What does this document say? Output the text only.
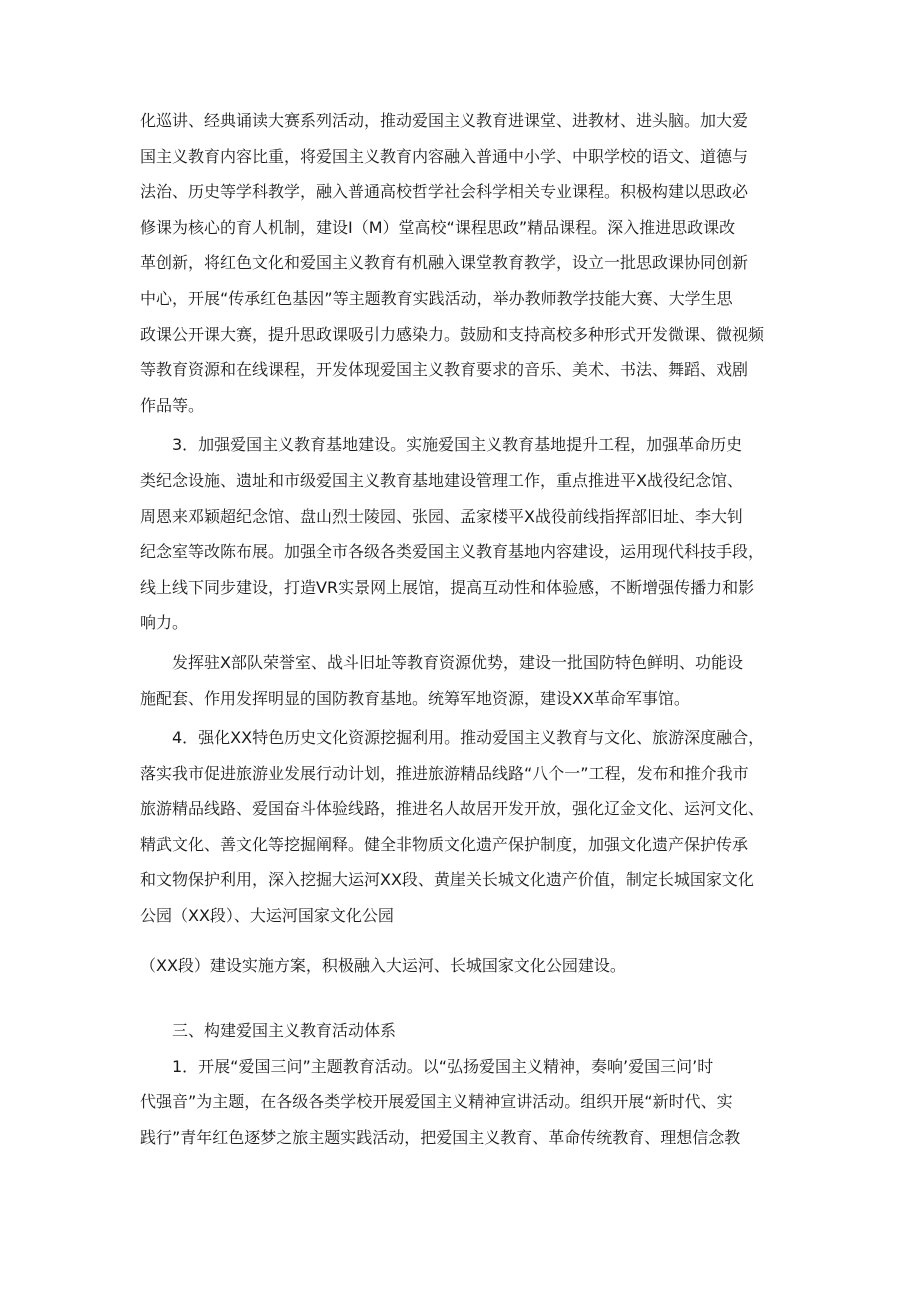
化巡讲、经典诵读大赛系列活动，推动爱国主义教育进课堂、进教材、进头脑。加大爱
国主义教育内容比重，将爱国主义教育内容融入普通中小学、中职学校的语文、道德与
法治、历史等学科教学，融入普通高校哲学社会科学相关专业课程。积极构建以思政必
修课为核心的育人机制，建设I（M）堂高校“课程思政”精品课程。深入推进思政课改
革创新，将红色文化和爱国主义教育有机融入课堂教育教学，设立一批思政课协同创新
中心，开展“传承红色基因”等主题教育实践活动，举办教师教学技能大赛、大学生思
政课公开课大赛，提升思政课吸引力感染力。鼓励和支持高校多种形式开发微课、微视频
等教育资源和在线课程，开发体现爱国主义教育要求的音乐、美术、书法、舞蹈、戏剧
作品等。
3．加强爱国主义教育基地建设。实施爱国主义教育基地提升工程，加强革命历史
类纪念设施、遗址和市级爱国主义教育基地建设管理工作，重点推进平X战役纪念馆、
周恩来邓颖超纪念馆、盘山烈士陵园、张园、孟家楼平X战役前线指挥部旧址、李大钊
纪念室等改陈布展。加强全市各级各类爱国主义教育基地内容建设，运用现代科技手段，
线上线下同步建设，打造VR实景网上展馆，提高互动性和体验感，不断增强传播力和影
响力。
发挥驻X部队荣誉室、战斗旧址等教育资源优势，建设一批国防特色鲜明、功能设
施配套、作用发挥明显的国防教育基地。统筹军地资源，建设XX革命军事馆。
4．强化XX特色历史文化资源挖掘利用。推动爱国主义教育与文化、旅游深度融合，
落实我市促进旅游业发展行动计划，推进旅游精品线路“八个一”工程，发布和推介我市
旅游精品线路、爱国奋斗体验线路，推进名人故居开发开放，强化辽金文化、运河文化、
精武文化、善文化等挖掘阐释。健全非物质文化遗产保护制度，加强文化遗产保护传承
和文物保护利用，深入挖掘大运河XX段、黄崖关长城文化遗产价值，制定长城国家文化
公园（XX段）、大运河国家文化公园
（XX段）建设实施方案，积极融入大运河、长城国家文化公园建设。
三、构建爱国主义教育活动体系
1．开展“爱国三问”主题教育活动。以“弘扬爱国主义精神，奏响’爱国三问’时
代强音”为主题，在各级各类学校开展爱国主义精神宣讲活动。组织开展“新时代、实
践行”青年红色逐梦之旅主题实践活动，把爱国主义教育、革命传统教育、理想信念教
